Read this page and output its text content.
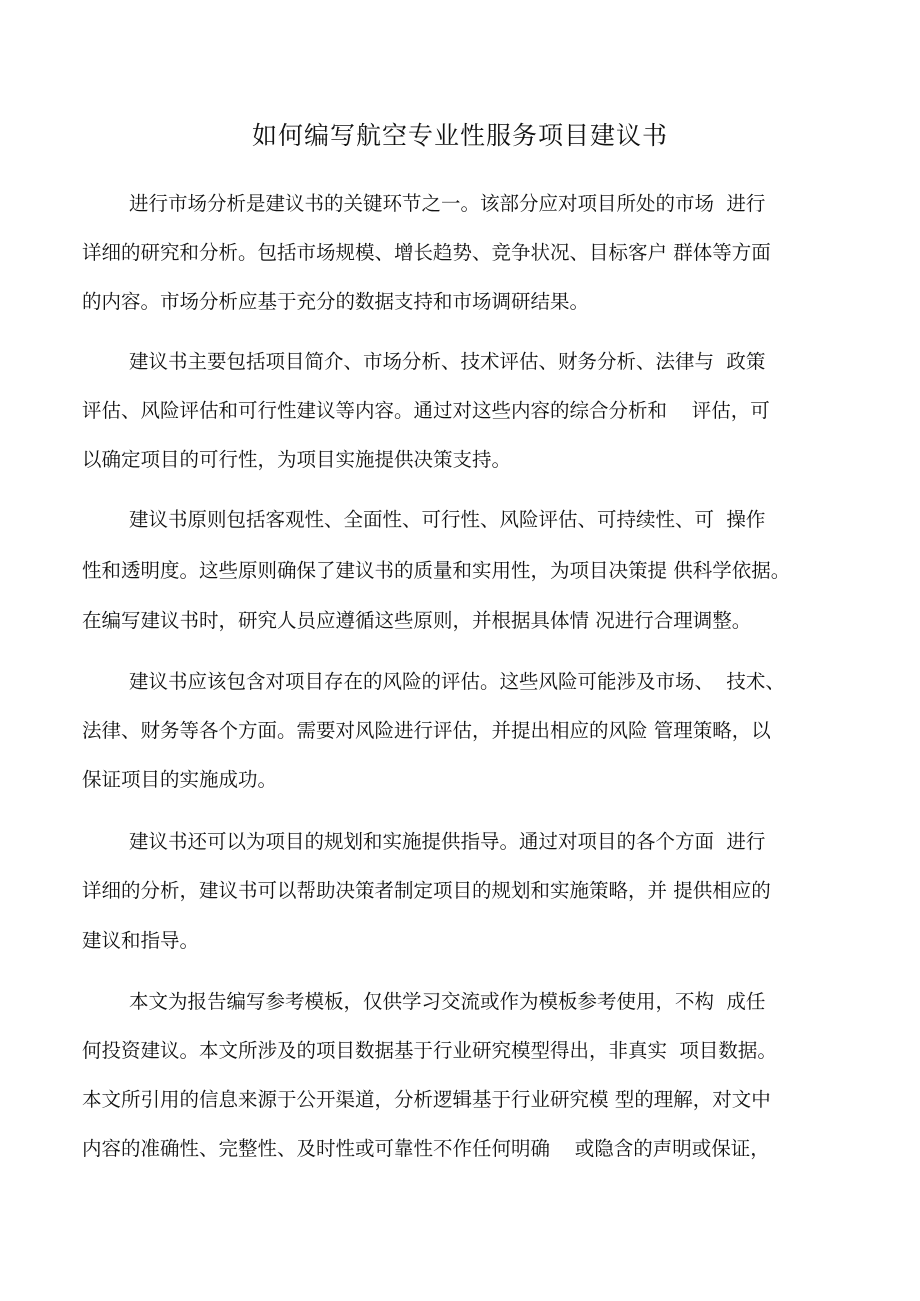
如何编写航空专业性服务项目建议书
进行市场分析是建议书的关键环节之一。该部分应对项目所处的市场  进行
详细的研究和分析。包括市场规模、增长趋势、竞争状况、目标客户 群体等方面
的内容。市场分析应基于充分的数据支持和市场调研结果。
建议书主要包括项目简介、市场分析、技术评估、财务分析、法律与  政策
评估、风险评估和可行性建议等内容。通过对这些内容的综合分析和    评估，可
以确定项目的可行性，为项目实施提供决策支持。
建议书原则包括客观性、全面性、可行性、风险评估、可持续性、可  操作
性和透明度。这些原则确保了建议书的质量和实用性，为项目决策提 供科学依据。
在编写建议书时，研究人员应遵循这些原则，并根据具体情 况进行合理调整。
建议书应该包含对项目存在的风险的评估。这些风险可能涉及市场、  技术、
法律、财务等各个方面。需要对风险进行评估，并提出相应的风险 管理策略，以
保证项目的实施成功。
建议书还可以为项目的规划和实施提供指导。通过对项目的各个方面  进行
详细的分析，建议书可以帮助决策者制定项目的规划和实施策略，并 提供相应的
建议和指导。
本文为报告编写参考模板，仅供学习交流或作为模板参考使用，不构  成任
何投资建议。本文所涉及的项目数据基于行业研究模型得出，非真实  项目数据。
本文所引用的信息来源于公开渠道，分析逻辑基于行业研究模 型的理解，对文中
内容的准确性、完整性、及时性或可靠性不作任何明确    或隐含的声明或保证，
